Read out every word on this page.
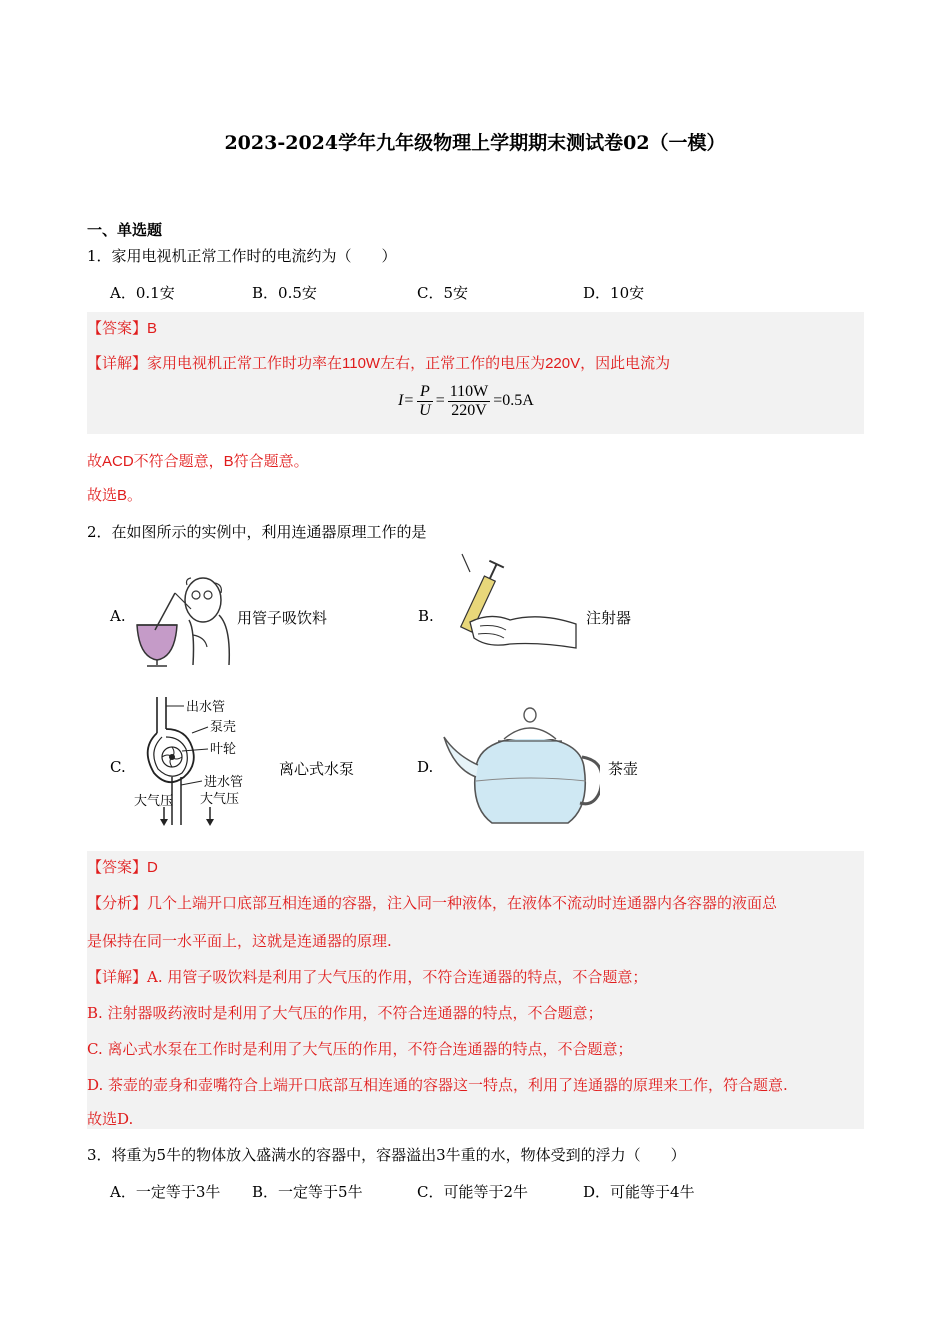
2023-2024学年九年级物理上学期期末测试卷02（一模）
一、单选题
1．家用电视机正常工作时的电流约为（　　）
A．0.1安	B．0.5安	C．5安	D．10安
【答案】B
【详解】家用电视机正常工作时功率在110W左右，正常工作的电压为220V，因此电流为
$I= \frac{P}{U} = \frac{110W}{220V} =0.5A$
故ACD不符合题意，B符合题意。
故选B。
2．在如图所示的实例中，利用连通器原理工作的是
A.	用管子吸饮料	B.	注射器
C.
出水管
泵壳
叶轮
进水管
大气压 大气压
离心式水泵	D.	茶壶
【答案】D
【分析】几个上端开口底部互相连通的容器，注入同一种液体，在液体不流动时连通器内各容器的液面总
是保持在同一水平面上，这就是连通器的原理.
【详解】A. 用管子吸饮料是利用了大气压的作用，不符合连通器的特点，不合题意；
B. 注射器吸药液时是利用了大气压的作用，不符合连通器的特点，不合题意；
C. 离心式水泵在工作时是利用了大气压的作用，不符合连通器的特点，不合题意；
D. 茶壶的壶身和壶嘴符合上端开口底部互相连通的容器这一特点，利用了连通器的原理来工作，符合题意.
故选D.
3．将重为5牛的物体放入盛满水的容器中，容器溢出3牛重的水，物体受到的浮力（　　）
A．一定等于3牛 B．一定等于5牛	C．可能等于2牛	D．可能等于4牛
